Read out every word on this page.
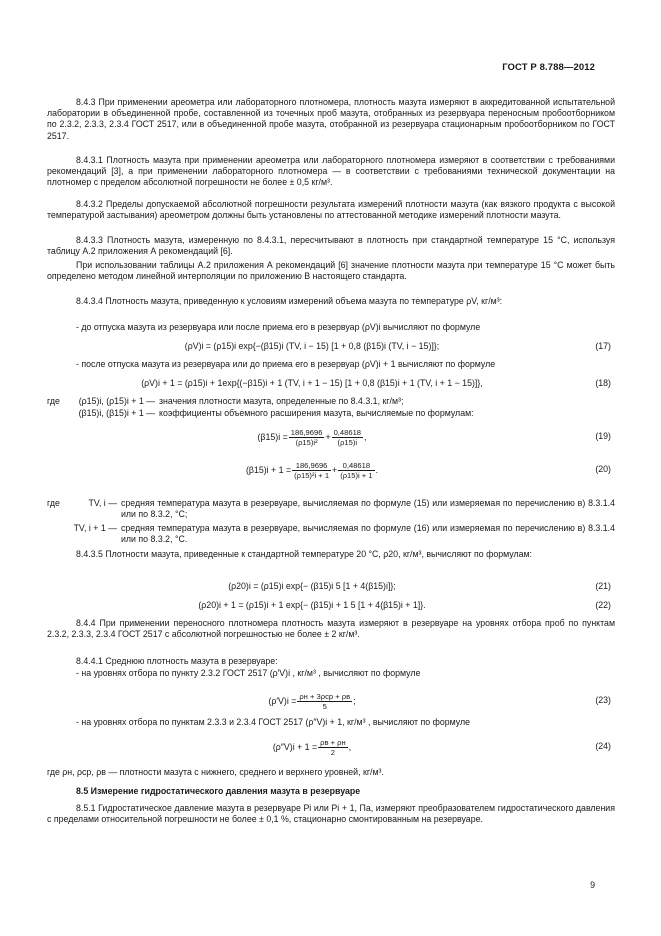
ГОСТ Р 8.788—2012
8.4.3 При применении ареометра или лабораторного плотномера, плотность мазута измеряют в аккредитованной испытательной лаборатории в объединенной пробе, составленной из точечных проб мазута, отобранных из резервуара переносным пробоотборником по 2.3.2, 2.3.3, 2.3.4 ГОСТ 2517, или в объединенной пробе мазута, отобранной из резервуара стационарным пробоотборником по ГОСТ 2517.
8.4.3.1 Плотность мазута при применении ареометра или лабораторного плотномера измеряют в соответствии с требованиями рекомендаций [3], а при применении лабораторного плотномера — в соответствии с требованиями технической документации на плотномер с пределом абсолютной погрешности не более ± 0,5 кг/м³.
8.4.3.2 Пределы допускаемой абсолютной погрешности результата измерений плотности мазута (как вязкого продукта с высокой температурой застывания) ареометром должны быть установлены по аттестованной методике измерений плотности мазута.
8.4.3.3 Плотность мазута, измеренную по 8.4.3.1, пересчитывают в плотность при стандартной температуре 15 °С, используя таблицу А.2 приложения А рекомендаций [6].
При использовании таблицы А.2 приложения А рекомендаций [6] значение плотности мазута при температуре 15 °С может быть определено методом линейной интерполяции по приложению В настоящего стандарта.
8.4.3.4 Плотность мазута, приведенную к условиям измерений объема мазута по температуре ρV, кг/м³:
- до отпуска мазута из резервуара или после приема его в резервуар (ρV)i вычисляют по формуле
(ρV)i = (ρ15)i exp{−(β15)i (TV, i − 15) [1 + 0,8 (β15)i (TV, i − 15)]};	(17)
- после отпуска мазута из резервуара или до приема его в резервуар (ρV)i + 1 вычисляют по формуле
(ρV)i + 1 = (ρ15)i + 1exp{(−β15)i + 1 (TV, i + 1 − 15) [1 + 0,8 (β15)i + 1 (TV, i + 1 − 15)]},	(18)
где (ρ15)i, (ρ15)i + 1 — значения плотности мазута, определенные по 8.4.3.1, кг/м³;
(β15)i, (β15)i + 1 — коэффициенты объемного расширения мазута, вычисляемые по формулам:
$(\beta 15)i = \frac{186,9696}{\text{(ρ15)i²}} + \frac{0,48618}{(\rho 15)i}$ ,	(19)
$(\beta 15)i + 1 = \frac{186,9696}{\text{(ρ15)²i + 1}} + \frac{0,48618}{(\rho 15)i + 1}$ .	(20)
где	TV, i — средняя температура мазута в резервуаре, вычисляемая по формуле (15) или измеряемая по перечислению в) 8.3.1.4 или по 8.3.2, °С;
TV, i + 1 — средняя температура мазута в резервуаре, вычисляемая по формуле (16) или измеряемая по перечислению в) 8.3.1.4 или по 8.3.2, °С.
8.4.3.5 Плотности мазута, приведенные к стандартной температуре 20 °С, ρ20, кг/м³, вычисляют по формулам:
(ρ20)i = (ρ15)i exp{− (β15)i 5 [1 + 4(β15)i]};	(21)
(ρ20)i + 1 = (ρ15)i + 1 exp{− (β15)i + 1 5 [1 + 4(β15)i + 1]}.	(22)
8.4.4 При применении переносного плотномера плотность мазута измеряют в резервуаре на уровнях отбора проб по пунктам 2.3.2, 2.3.3, 2.3.4 ГОСТ 2517 с абсолютной погрешностью не более ± 2 кг/м³.
8.4.4.1 Среднюю плотность мазута в резервуаре:
- на уровнях отбора по пункту 2.3.2 ГОСТ 2517 (ρ′V)i , кг/м³ , вычисляют по формуле
$(\rho'V)i = \frac{\text{ρн + 3ρср + ρв}}{5}$ ;	(23)
- на уровнях отбора по пунктам 2.3.3 и 2.3.4 ГОСТ 2517 (ρ″V)i + 1, кг/м³ , вычисляют по формуле
$(\rho''V)i + 1 = \frac{\rho в + \rho н}{2}$ ,	(24)
где ρн, ρср, ρв — плотности мазута с нижнего, среднего и верхнего уровней, кг/м³.
8.5 Измерение гидростатического давления мазута в резервуаре
8.5.1 Гидростатическое давление мазута в резервуаре Pi или Pi + 1, Па, измеряют преобразователем гидростатического давления с пределами относительной погрешности не более ± 0,1 %, стационарно смонтированным на резервуаре.
9
